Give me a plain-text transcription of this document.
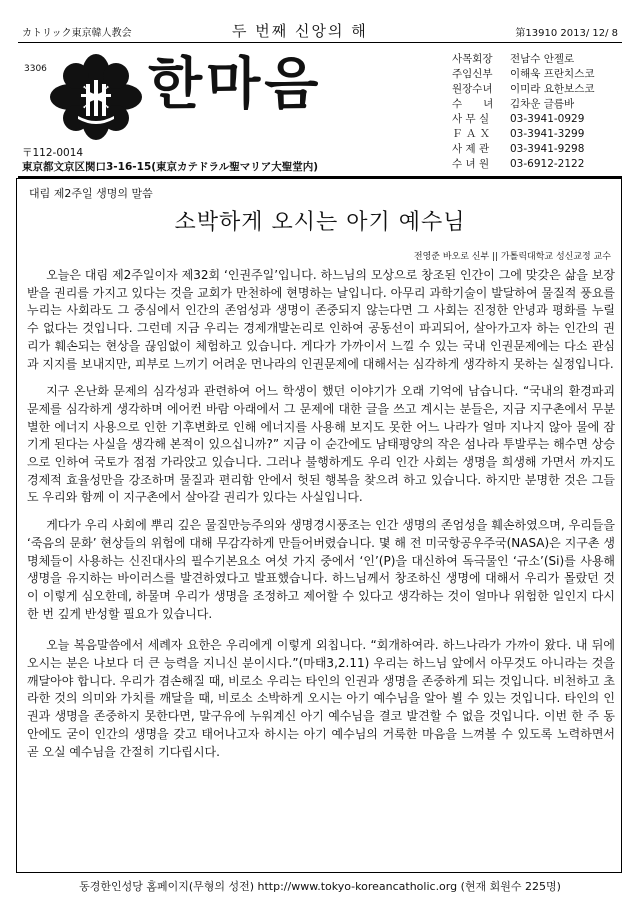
カトリック東京韓人教会	두 번째 신앙의 해	第13910 2013/ 12/ 8
3306 한마음	사목회장	전남수 안젤로
주임신부	이해욱 프란치스코
원장수녀	이미라 요한보스코
수　　녀	김차운 글름바
사 무 실	03-3941-0929
Ｆ Ａ Ｘ	03-3941-3299
사 제 관	03-3941-9298
수 녀 원	03-6912-2122
〒112-0014
東京都文京区関口3-16-15(東京カテドラル聖マリア大聖堂内)
대림 제2주일 생명의 말씀
소박하게 오시는 아기 예수님
전영준 바오로 신부 || 가톨릭대학교 성신교정 교수

오늘은 대림 제2주일이자 제32회 ‘인권주일’입니다. 하느님의 모상으로 창조된 인간이 그에 맞갖은 삶을 보장받을 권리를 가지고 있다는 것을 교회가 만천하에 현명하는 날입니다. 아무리 과학기술이 발달하여 물질적 풍요를 누리는 사회라도 그 중심에서 인간의 존엄성과 생명이 존중되지 않는다면 그 사회는 진정한 안녕과 평화를 누릴 수 없다는 것입니다. 그런데 지금 우리는 경제개발논리로 인하여 공동선이 파괴되어, 살아가고자 하는 인간의 권리가 훼손되는 현상을 끊임없이 체험하고 있습니다. 게다가 가까이서 느낄 수 있는 국내 인권문제에는 다소 관심과 지지를 보내지만, 피부로 느끼기 어려운 먼나라의 인권문제에 대해서는 심각하게 생각하지 못하는 실정입니다.

지구 온난화 문제의 심각성과 관련하여 어느 학생이 했던 이야기가 오래 기억에 남습니다. “국내의 환경파괴 문제를 심각하게 생각하며 에어컨 바람 아래에서 그 문제에 대한 글을 쓰고 계시는 분들은, 지금 지구촌에서 무분별한 에너지 사용으로 인한 기후변화로 인해 에너지를 사용해 보지도 못한 어느 나라가 얼마 지나지 않아 물에 잠기게 된다는 사실을 생각해 본적이 있으십니까?” 지금 이 순간에도 남태평양의 작은 섬나라 투발루는 해수면 상승으로 인하여 국토가 점점 가라앉고 있습니다. 그러나 불행하게도 우리 인간 사회는 생명을 희생해 가면서 까지도 경제적 효율성만을 강조하며 물질과 편리함 안에서 헛된 행복을 찾으려 하고 있습니다. 하지만 분명한 것은 그들도 우리와 함께 이 지구촌에서 살아갈 권리가 있다는 사실입니다.

게다가 우리 사회에 뿌리 깊은 물질만능주의와 생명경시풍조는 인간 생명의 존엄성을 훼손하였으며, 우리들을 ‘죽음의 문화’ 현상들의 위험에 대해 무감각하게 만들어버렸습니다. 몇 해 전 미국항공우주국(NASA)은 지구촌 생명체들이 사용하는 신진대사의 필수기본요소 여섯 가지 중에서 ‘인’(P)을 대신하여 독극물인 ‘규소’(Si)를 사용해 생명을 유지하는 바이러스를 발견하였다고 발표했습니다. 하느님께서 창조하신 생명에 대해서 우리가 몰랐던 것이 이렇게 심오한데, 하물며 우리가 생명을 조정하고 제어할 수 있다고 생각하는 것이 얼마나 위험한 일인지 다시 한 번 깊게 반성할 필요가 있습니다.

오늘 복음말씀에서 세례자 요한은 우리에게 이렇게 외칩니다. “회개하여라. 하느나라가 가까이 왔다. 내 뒤에 오시는 분은 나보다 더 큰 능력을 지니신 분이시다.”(마태3,2.11) 우리는 하느님 앞에서 아무것도 아니라는 것을 깨달아야 합니다. 우리가 겸손해질 때, 비로소 우리는 타인의 인권과 생명을 존중하게 되는 것입니다. 비천하고 초라한 것의 의미와 가치를 깨달을 때, 비로소 소박하게 오시는 아기 예수님을 알아 뵐 수 있는 것입니다. 타인의 인권과 생명을 존중하지 못한다면, 말구유에 누워계신 아기 예수님을 결코 발견할 수 없을 것입니다. 이번 한 주 동안에도 굳이 인간의 생명을 갖고 태어나고자 하시는 아기 예수님의 거룩한 마음을 느껴볼 수 있도록 노력하면서 곧 오실 예수님을 간절히 기다립시다.

동경한인성당 홈페이지(무형의 성전) http://www.tokyo-koreancatholic.org (현재 회원수 225명)
